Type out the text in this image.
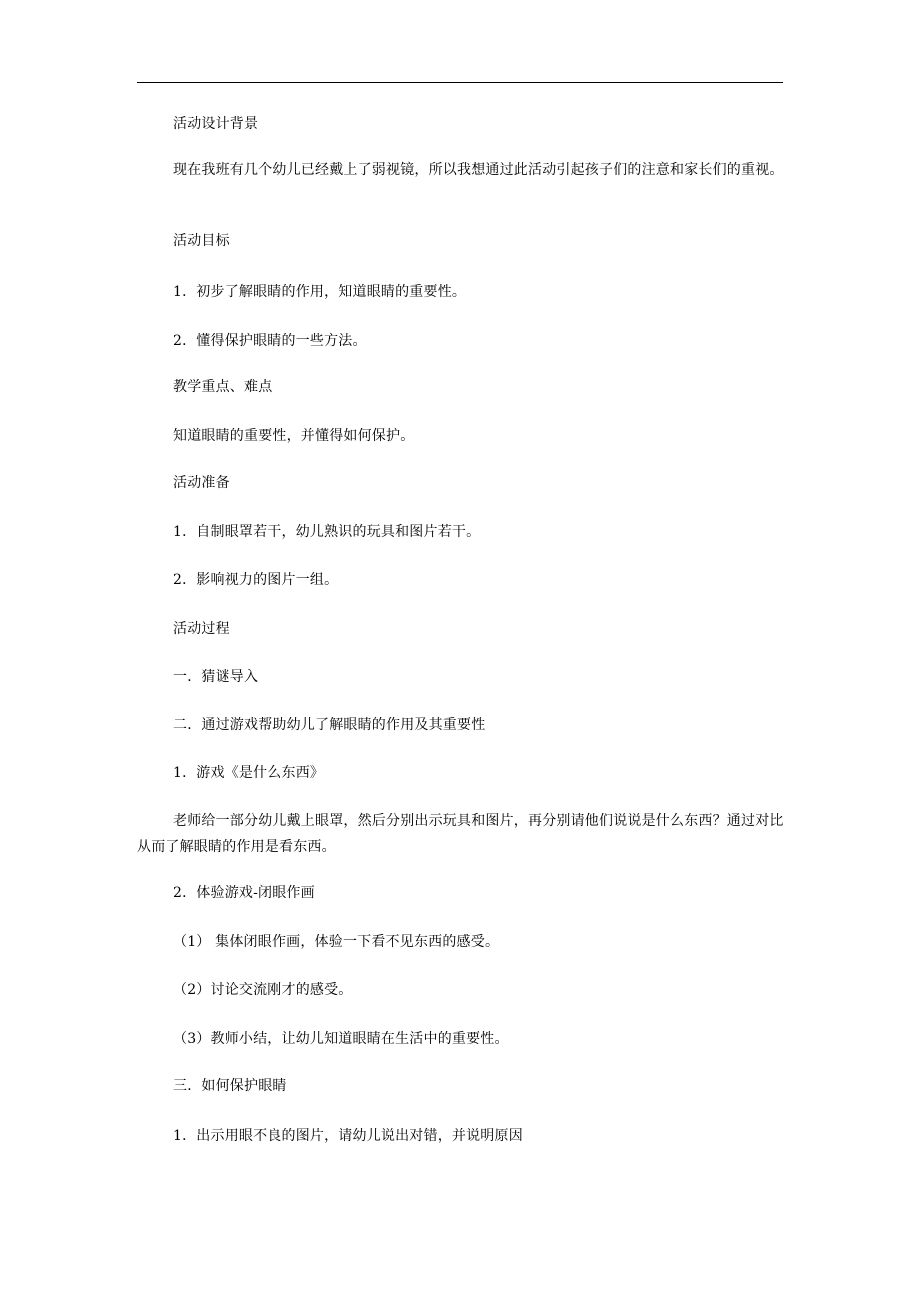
活动设计背景

现在我班有几个幼儿已经戴上了弱视镜，所以我想通过此活动引起孩子们的注意和家长们的重视。

活动目标

1．初步了解眼睛的作用，知道眼睛的重要性。

2．懂得保护眼睛的一些方法。

教学重点、难点

知道眼睛的重要性，并懂得如何保护。

活动准备

1．自制眼罩若干，幼儿熟识的玩具和图片若干。

2．影响视力的图片一组。

活动过程

一．猜谜导入

二．通过游戏帮助幼儿了解眼睛的作用及其重要性

1．游戏《是什么东西》

老师给一部分幼儿戴上眼罩，然后分别出示玩具和图片，再分别请他们说说是什么东西？通过对比从而了解眼睛的作用是看东西。

2．体验游戏-闭眼作画

（1） 集体闭眼作画，体验一下看不见东西的感受。

（2）讨论交流刚才的感受。

（3）教师小结，让幼儿知道眼睛在生活中的重要性。

三．如何保护眼睛

1．出示用眼不良的图片，请幼儿说出对错，并说明原因
